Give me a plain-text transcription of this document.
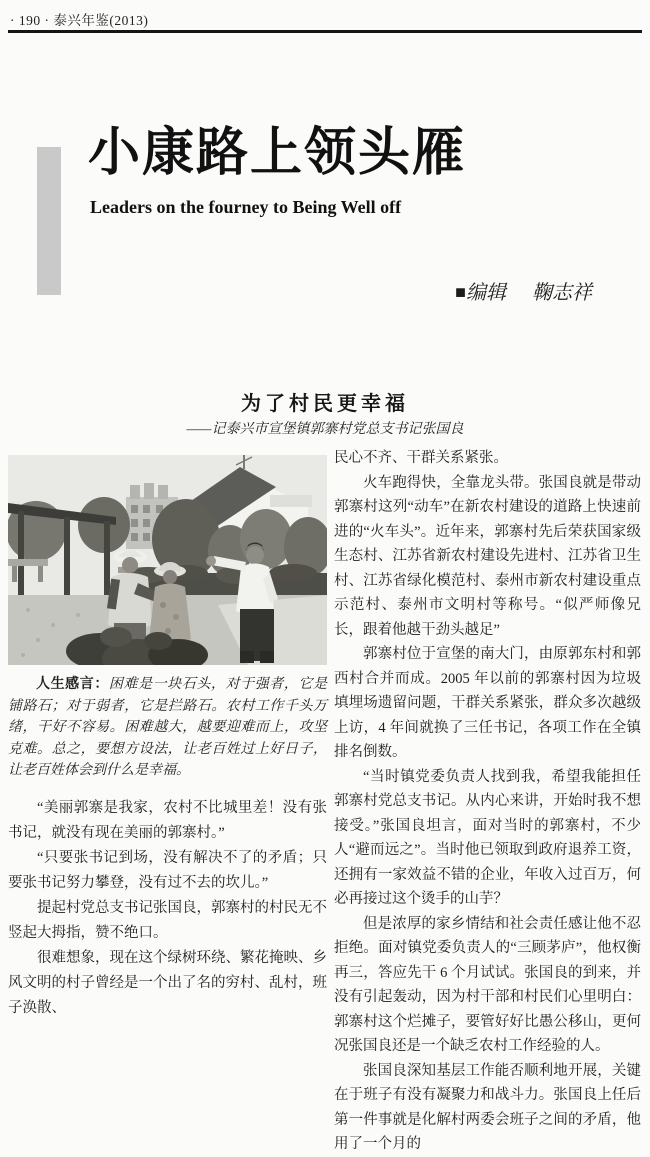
· 190 · 泰兴年鉴(2013)
小康路上领头雁
Leaders on the fourney to Being Well off
■编辑 鞠志祥
为了村民更幸福
——记泰兴市宣堡镇郭寨村党总支书记张国良
人生感言：困难是一块石头，对于强者，它是铺路石；对于弱者，它是拦路石。农村工作千头万绪，干好不容易。困难越大，越要迎难而上，攻坚克难。总之，要想方设法，让老百姓过上好日子，让老百姓体会到什么是幸福。

“美丽郭寨是我家，农村不比城里差！没有张书记，就没有现在美丽的郭寨村。”

“只要张书记到场，没有解决不了的矛盾；只要张书记努力攀登，没有过不去的坎儿。”

提起村党总支书记张国良，郭寨村的村民无不竖起大拇指，赞不绝口。

很难想象，现在这个绿树环绕、繁花掩映、乡风文明的村子曾经是一个出了名的穷村、乱村，班子涣散、

民心不齐、干群关系紧张。

火车跑得快，全靠龙头带。张国良就是带动郭寨村这列“动车”在新农村建设的道路上快速前进的“火车头”。近年来，郭寨村先后荣获国家级生态村、江苏省新农村建设先进村、江苏省卫生村、江苏省绿化模范村、泰州市新农村建设重点示范村、泰州市文明村等称号。“似严师像兄长，跟着他越干劲头越足”

郭寨村位于宣堡的南大门，由原郭东村和郭西村合并而成。2005 年以前的郭寨村因为垃圾填埋场遗留问题，干群关系紧张，群众多次越级上访，4 年间就换了三任书记，各项工作在全镇排名倒数。

“当时镇党委负责人找到我，希望我能担任郭寨村党总支书记。从内心来讲，开始时我不想接受。”张国良坦言，面对当时的郭寨村，不少人“避而远之”。当时他已领取到政府退养工资，还拥有一家效益不错的企业，年收入过百万，何必再接过这个烫手的山芋？

但是浓厚的家乡情结和社会责任感让他不忍拒绝。面对镇党委负责人的“三顾茅庐”，他权衡再三，答应先干 6 个月试试。张国良的到来，并没有引起轰动，因为村干部和村民们心里明白：郭寨村这个烂摊子，要管好好比愚公移山，更何况张国良还是一个缺乏农村工作经验的人。

张国良深知基层工作能否顺利地开展，关键在于班子有没有凝聚力和战斗力。张国良上任后第一件事就是化解村两委会班子之间的矛盾，他用了一个月的
